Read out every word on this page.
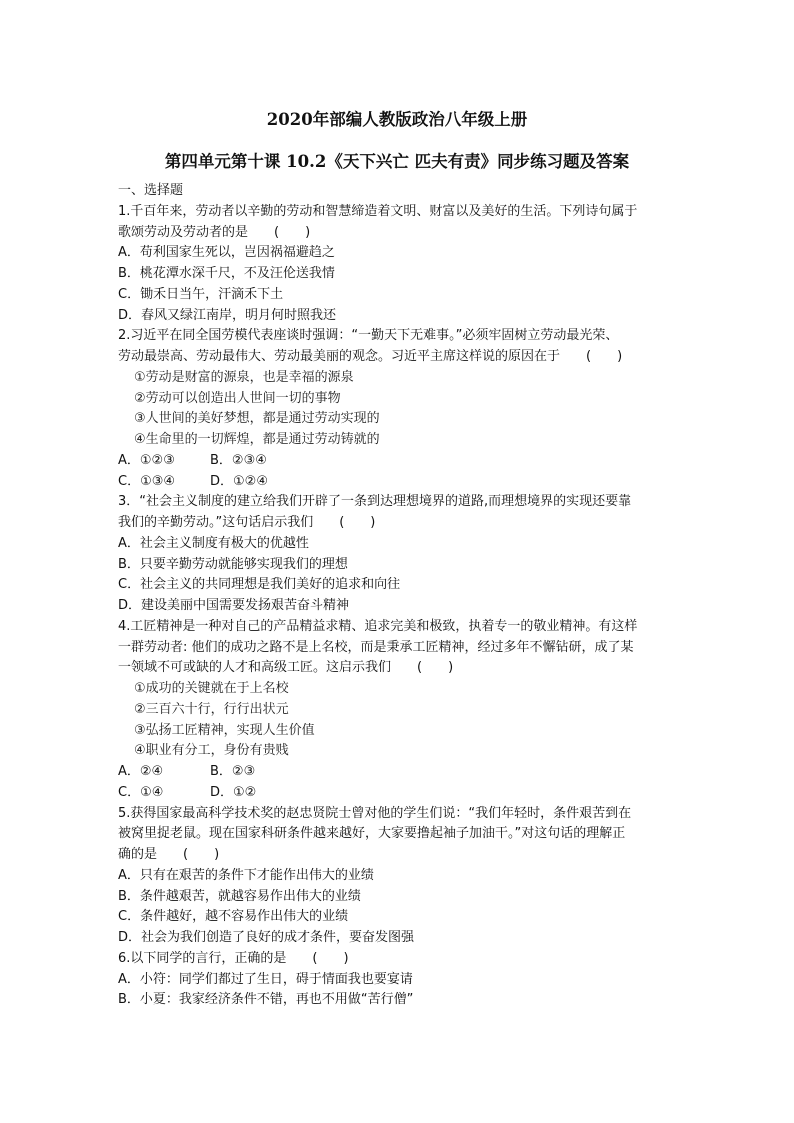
2020年部编人教版政治八年级上册
第四单元第十课 10.2《天下兴亡 匹夫有责》同步练习题及答案
一、选择题
1.千百年来，劳动者以辛勤的劳动和智慧缔造着文明、财富以及美好的生活。下列诗句属于
歌颂劳动及劳动者的是　　(　　)
A．苟利国家生死以，岂因祸福避趋之
B．桃花潭水深千尺，不及汪伦送我情
C．锄禾日当午，汗滴禾下土
D．春风又绿江南岸，明月何时照我还
2.习近平在同全国劳模代表座谈时强调：“一勤天下无难事。”必须牢固树立劳动最光荣、
劳动最崇高、劳动最伟大、劳动最美丽的观念。习近平主席这样说的原因在于　　(　　)
①劳动是财富的源泉，也是幸福的源泉
②劳动可以创造出人世间一切的事物
③人世间的美好梦想，都是通过劳动实现的
④生命里的一切辉煌，都是通过劳动铸就的
A．①②③	B．②③④
C．①③④	D．①②④
3．“社会主义制度的建立给我们开辟了一条到达理想境界的道路,而理想境界的实现还要靠
我们的辛勤劳动。”这句话启示我们　　(　　)
A．社会主义制度有极大的优越性
B．只要辛勤劳动就能够实现我们的理想
C．社会主义的共同理想是我们美好的追求和向往
D．建设美丽中国需要发扬艰苦奋斗精神
4.工匠精神是一种对自己的产品精益求精、追求完美和极致，执着专一的敬业精神。有这样
一群劳动者: 他们的成功之路不是上名校，而是秉承工匠精神，经过多年不懈钻研，成了某
一领域不可或缺的人才和高级工匠。这启示我们　　(　　)
①成功的关键就在于上名校
②三百六十行，行行出状元
③弘扬工匠精神，实现人生价值
④职业有分工，身份有贵贱
A．②④	B．②③
C．①④	D．①②
5.获得国家最高科学技术奖的赵忠贤院士曾对他的学生们说：“我们年轻时，条件艰苦到在
被窝里捉老鼠。现在国家科研条件越来越好，大家要撸起袖子加油干。”对这句话的理解正
确的是　　(　　)
A．只有在艰苦的条件下才能作出伟大的业绩
B．条件越艰苦，就越容易作出伟大的业绩
C．条件越好，越不容易作出伟大的业绩
D．社会为我们创造了良好的成才条件，要奋发图强
6.以下同学的言行，正确的是　　(　　)
A．小符：同学们都过了生日，碍于情面我也要宴请
B．小夏：我家经济条件不错，再也不用做“苦行僧”
